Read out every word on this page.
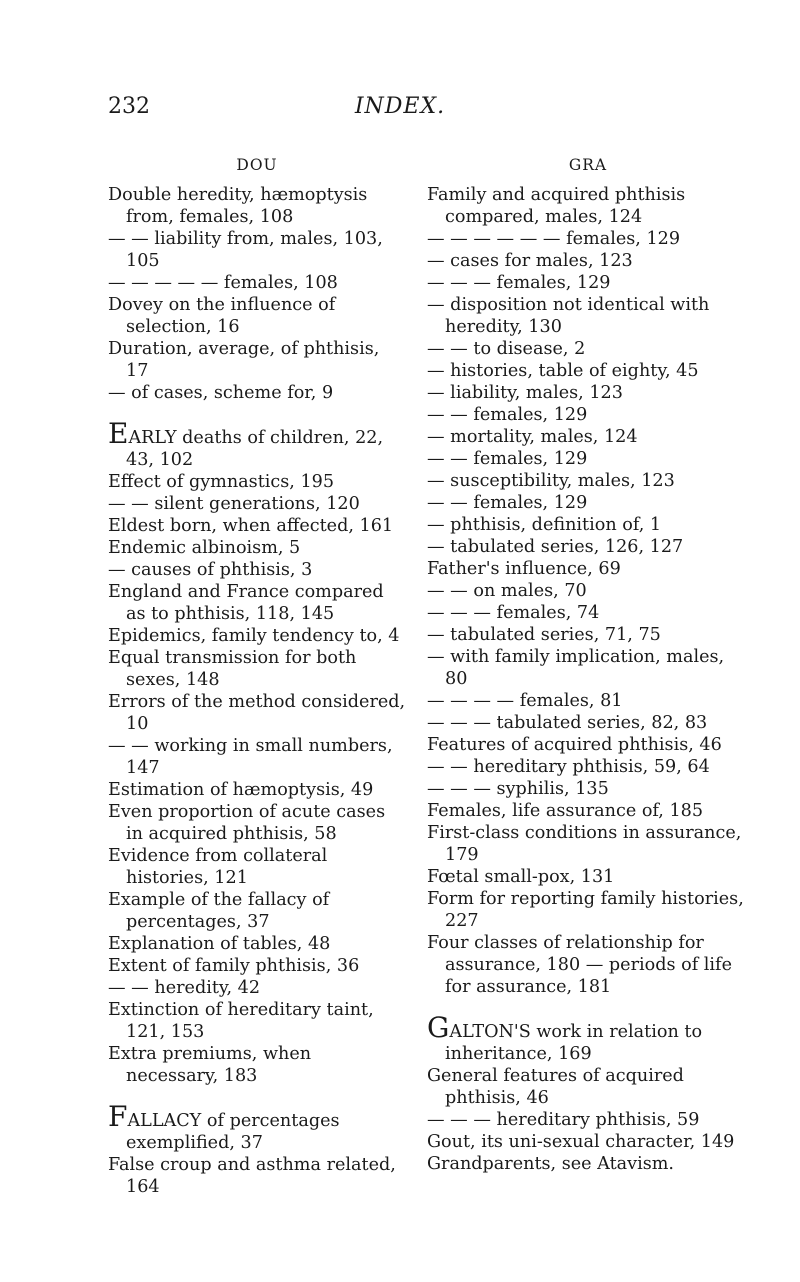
232	INDEX.
DOU
Double heredity, hæmoptysis from, females, 108
— — liability from, males, 103, 105
— — — — — females, 108
Dovey on the influence of selection, 16
Duration, average, of phthisis, 17
— of cases, scheme for, 9
EARLY deaths of children, 22, 43, 102
Effect of gymnastics, 195
— — silent generations, 120
Eldest born, when affected, 161
Endemic albinoism, 5
— causes of phthisis, 3
England and France compared as to phthisis, 118, 145
Epidemics, family tendency to, 4
Equal transmission for both sexes, 148
Errors of the method considered, 10
— — working in small numbers, 147
Estimation of hæmoptysis, 49
Even proportion of acute cases in acquired phthisis, 58
Evidence from collateral histories, 121
Example of the fallacy of percentages, 37
Explanation of tables, 48
Extent of family phthisis, 36
— — heredity, 42
Extinction of hereditary taint, 121, 153
Extra premiums, when necessary, 183
FALLACY of percentages exemplified, 37
False croup and asthma related, 164
GRA
Family and acquired phthisis compared, males, 124
— — — — — — females, 129
— cases for males, 123
— — — females, 129
— disposition not identical with heredity, 130
— — to disease, 2
— histories, table of eighty, 45
— liability, males, 123
— — females, 129
— mortality, males, 124
— — females, 129
— susceptibility, males, 123
— — females, 129
— phthisis, definition of, 1
— tabulated series, 126, 127
Father's influence, 69
— — on males, 70
— — — females, 74
— tabulated series, 71, 75
— with family implication, males, 80
— — — — females, 81
— — — tabulated series, 82, 83
Features of acquired phthisis, 46
— — hereditary phthisis, 59, 64
— — — syphilis, 135
Females, life assurance of, 185
First-class conditions in assurance, 179
Fœtal small-pox, 131
Form for reporting family histories, 227
Four classes of relationship for assurance, 180 — periods of life for assurance, 181
GALTON'S work in relation to inheritance, 169
General features of acquired phthisis, 46
— — — hereditary phthisis, 59
Gout, its uni-sexual character, 149
Grandparents, see Atavism.
